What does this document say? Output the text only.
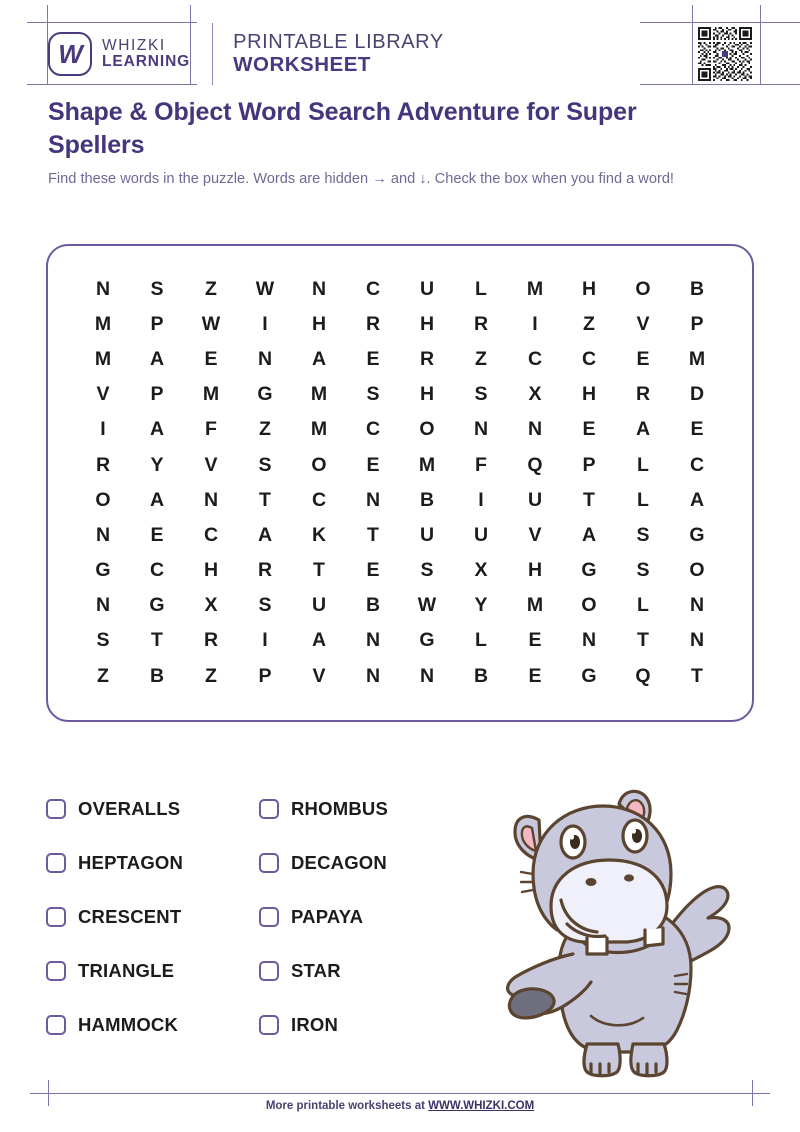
W	WHIZKI
LEARNING
PRINTABLE LIBRARY
WORKSHEET
Shape & Object Word Search Adventure for Super Spellers
Find these words in the puzzle. Words are hidden → and ↓. Check the box when you find a word!
N S Z W N C U L M H O B
M P W I H R H R I Z V P
M A E N A E R Z C C E M
V P M G M S H S X H R D
I A F Z M C O N N E A E
R Y V S O E M F Q P L C
O A N T C N B I U T L A
N E C A K T U U V A S G
G C H R T E S X H G S O
N G X S U B W Y M O L N
S T R I A N G L E N T N
Z B Z P V N N B E G Q T
OVERALLS	RHOMBUS
HEPTAGON	DECAGON
CRESCENT	PAPAYA
TRIANGLE	STAR
HAMMOCK	IRON
More printable worksheets at WWW.WHIZKI.COM
